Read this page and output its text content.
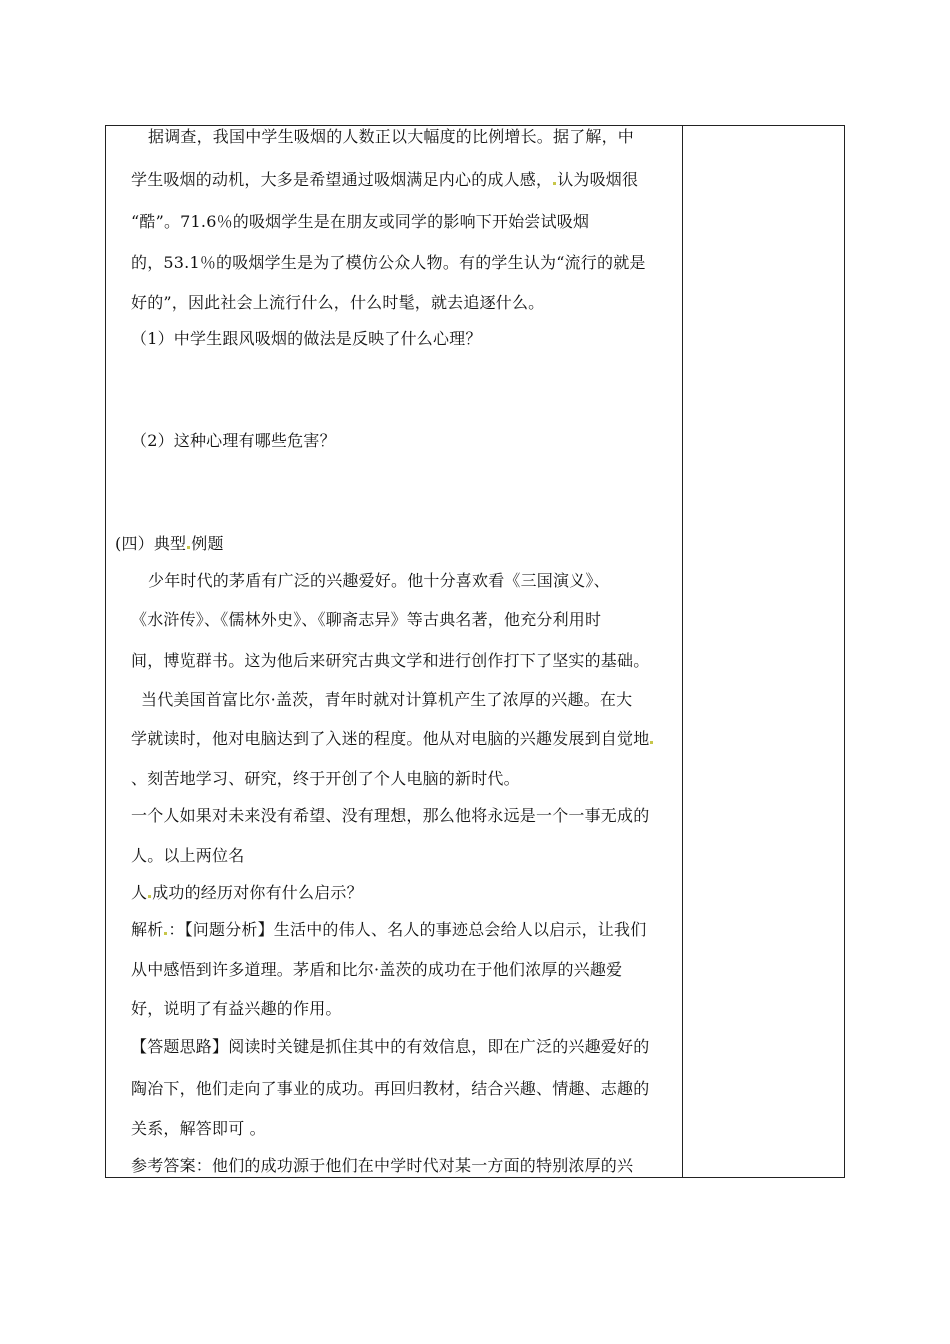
据调查，我国中学生吸烟的人数正以大幅度的比例增长。据了解，中
学生吸烟的动机，大多是希望通过吸烟满足内心的成人感， 认为吸烟很
“酷”。71.6％的吸烟学生是在朋友或同学的影响下开始尝试吸烟
的，53.1％的吸烟学生是为了模仿公众人物。有的学生认为“流行的就是
好的”，因此社会上流行什么，什么时髦，就去追逐什么。
（1）中学生跟风吸烟的做法是反映了什么心理？
（2）这种心理有哪些危害？
(四）典型 例题
少年时代的茅盾有广泛的兴趣爱好。他十分喜欢看《三国演义》、
《水浒传》、《儒林外史》、《聊斋志异》等古典名著，他充分利用时
间，博览群书。这为他后来研究古典文学和进行创作打下了坚实的基础。
当代美国首富比尔·盖茨，青年时就对计算机产生了浓厚的兴趣。在大
学就读时，他对电脑达到了入迷的程度。他从对电脑的兴趣发展到自觉地
、刻苦地学习、研究，终于开创了个人电脑的新时代。
一个人如果对未来没有希望、没有理想，那么他将永远是一个一事无成的
人。以上两位名
人 成功的经历对你有什么启示？
解析 ：【问题分析】生活中的伟人、名人的事迹总会给人以启示，让我们
从中感悟到许多道理。茅盾和比尔·盖茨的成功在于他们浓厚的兴趣爱
好，说明了有益兴趣的作用。
【答题思路】阅读时关键是抓住其中的有效信息，即在广泛的兴趣爱好的
陶冶下，他们走向了事业的成功。再回归教材，结合兴趣、情趣、志趣的
关系，解答即可 。
参考答案：他们的成功源于他们在中学时代对某一方面的特别浓厚的兴
